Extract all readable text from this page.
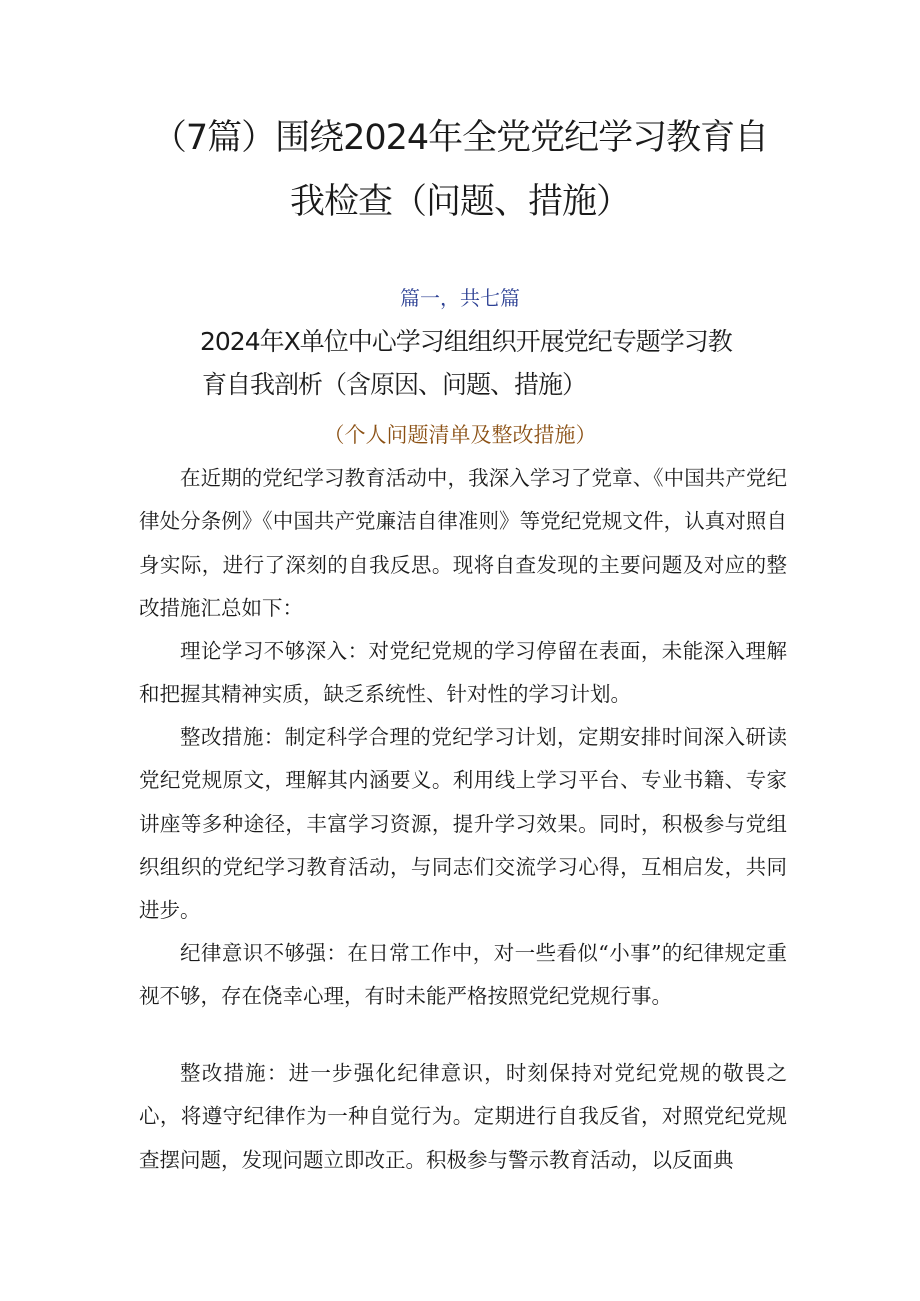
（7篇）围绕2024年全党党纪学习教育自
我检查（问题、措施）

篇一，共七篇

2024年X单位中心学习组组织开展党纪专题学习教
育自我剖析（含原因、问题、措施）

（个人问题清单及整改措施）

在近期的党纪学习教育活动中，我深入学习了党章、《中国共产党纪律处分条例》《中国共产党廉洁自律准则》等党纪党规文件，认真对照自身实际，进行了深刻的自我反思。现将自查发现的主要问题及对应的整改措施汇总如下：

理论学习不够深入：对党纪党规的学习停留在表面，未能深入理解和把握其精神实质，缺乏系统性、针对性的学习计划。

整改措施：制定科学合理的党纪学习计划，定期安排时间深入研读党纪党规原文，理解其内涵要义。利用线上学习平台、专业书籍、专家讲座等多种途径，丰富学习资源，提升学习效果。同时，积极参与党组织组织的党纪学习教育活动，与同志们交流学习心得，互相启发，共同进步。

纪律意识不够强：在日常工作中，对一些看似“小事”的纪律规定重视不够，存在侥幸心理，有时未能严格按照党纪党规行事。

整改措施：进一步强化纪律意识，时刻保持对党纪党规的敬畏之心，将遵守纪律作为一种自觉行为。定期进行自我反省，对照党纪党规查摆问题，发现问题立即改正。积极参与警示教育活动，以反面典
